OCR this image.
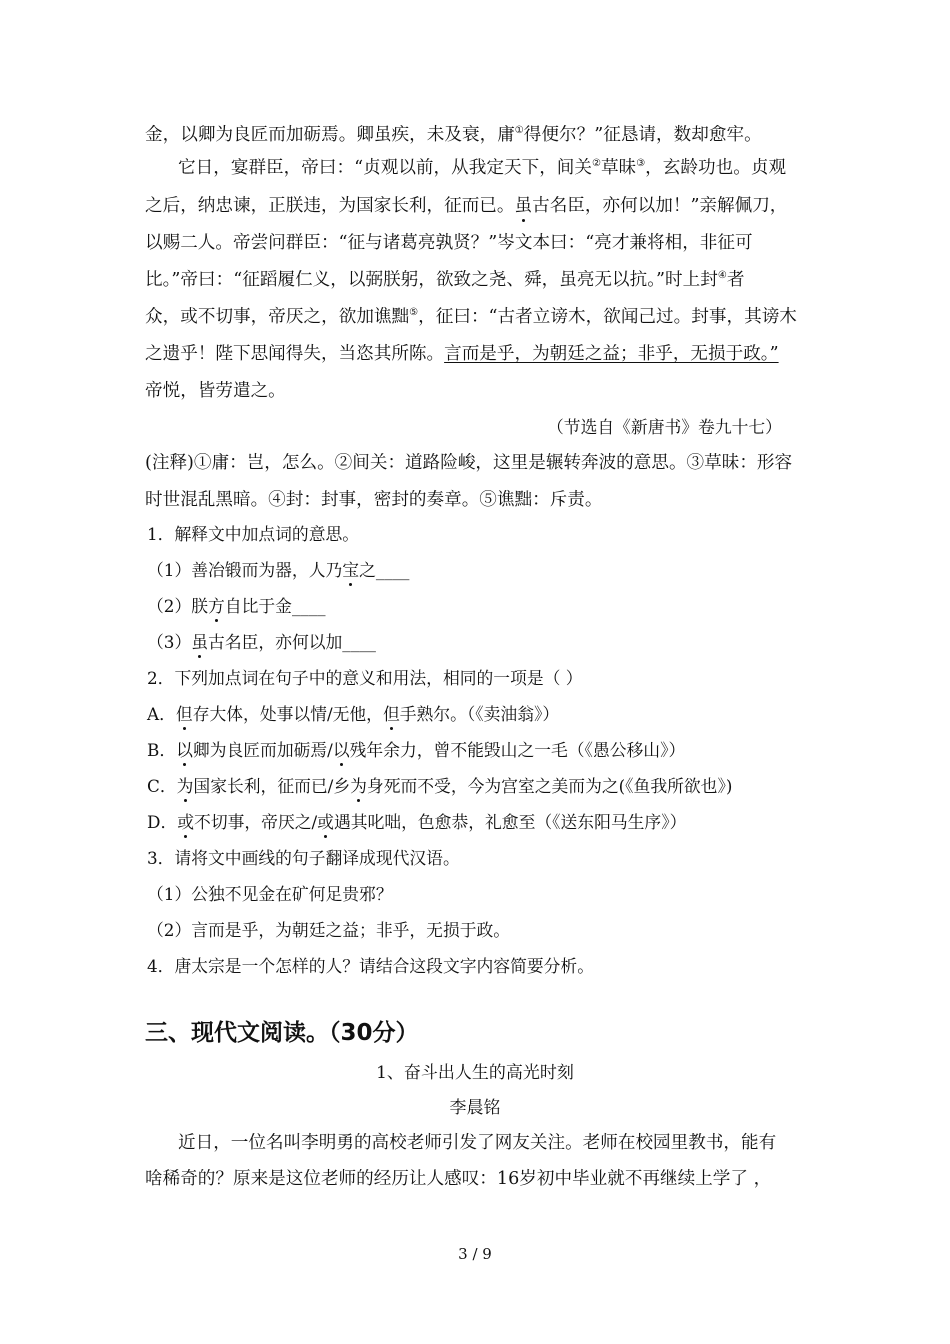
金，以卿为良匠而加砺焉。卿虽疾，未及衰，庸①得便尔？”征恳请，数却愈牢。
它日，宴群臣，帝曰：“贞观以前，从我定天下，间关②草昧③，玄龄功也。贞观
之后，纳忠谏，正朕违，为国家长利，征而已。虽古名臣，亦何以加！”亲解佩刀，
以赐二人。帝尝问群臣：“征与诸葛亮孰贤？”岑文本曰：“亮才兼将相，非征可
比。”帝曰：“征蹈履仁义，以弼朕躬，欲致之尧、舜，虽亮无以抗。”时上封④者
众，或不切事，帝厌之，欲加谯黜⑤，征曰：“古者立谤木，欲闻己过。封事，其谤木
之遗乎！陛下思闻得失，当恣其所陈。言而是乎，为朝廷之益；非乎，无损于政。”
帝悦，皆劳遣之。
（节选自《新唐书》卷九十七）
(注释)①庸：岂，怎么。②间关：道路险峻，这里是辗转奔波的意思。③草昧：形容
时世混乱黑暗。④封：封事，密封的奏章。⑤谯黜：斥责。
1．解释文中加点词的意思。
（1）善冶锻而为器，人乃宝之____
（2）朕方自比于金____
（3）虽古名臣，亦何以加____
2．下列加点词在句子中的意义和用法，相同的一项是（ ）
A．但存大体，处事以情/无他，但手熟尔。（《卖油翁》）
B．以卿为良匠而加砺焉/以残年余力，曾不能毁山之一毛（《愚公移山》）
C．为国家长利，征而已/乡为身死而不受，今为宫室之美而为之(《鱼我所欲也》)
D．或不切事，帝厌之/或遇其叱咄，色愈恭，礼愈至（《送东阳马生序》）
3．请将文中画线的句子翻译成现代汉语。
（1）公独不见金在矿何足贵邪？
（2）言而是乎，为朝廷之益；非乎，无损于政。
4．唐太宗是一个怎样的人？请结合这段文字内容简要分析。
三、现代文阅读。（30分）
1、奋斗出人生的高光时刻
李晨铭
近日，一位名叫李明勇的高校老师引发了网友关注。老师在校园里教书，能有
啥稀奇的？原来是这位老师的经历让人感叹：16岁初中毕业就不再继续上学了 ，
3 / 9
